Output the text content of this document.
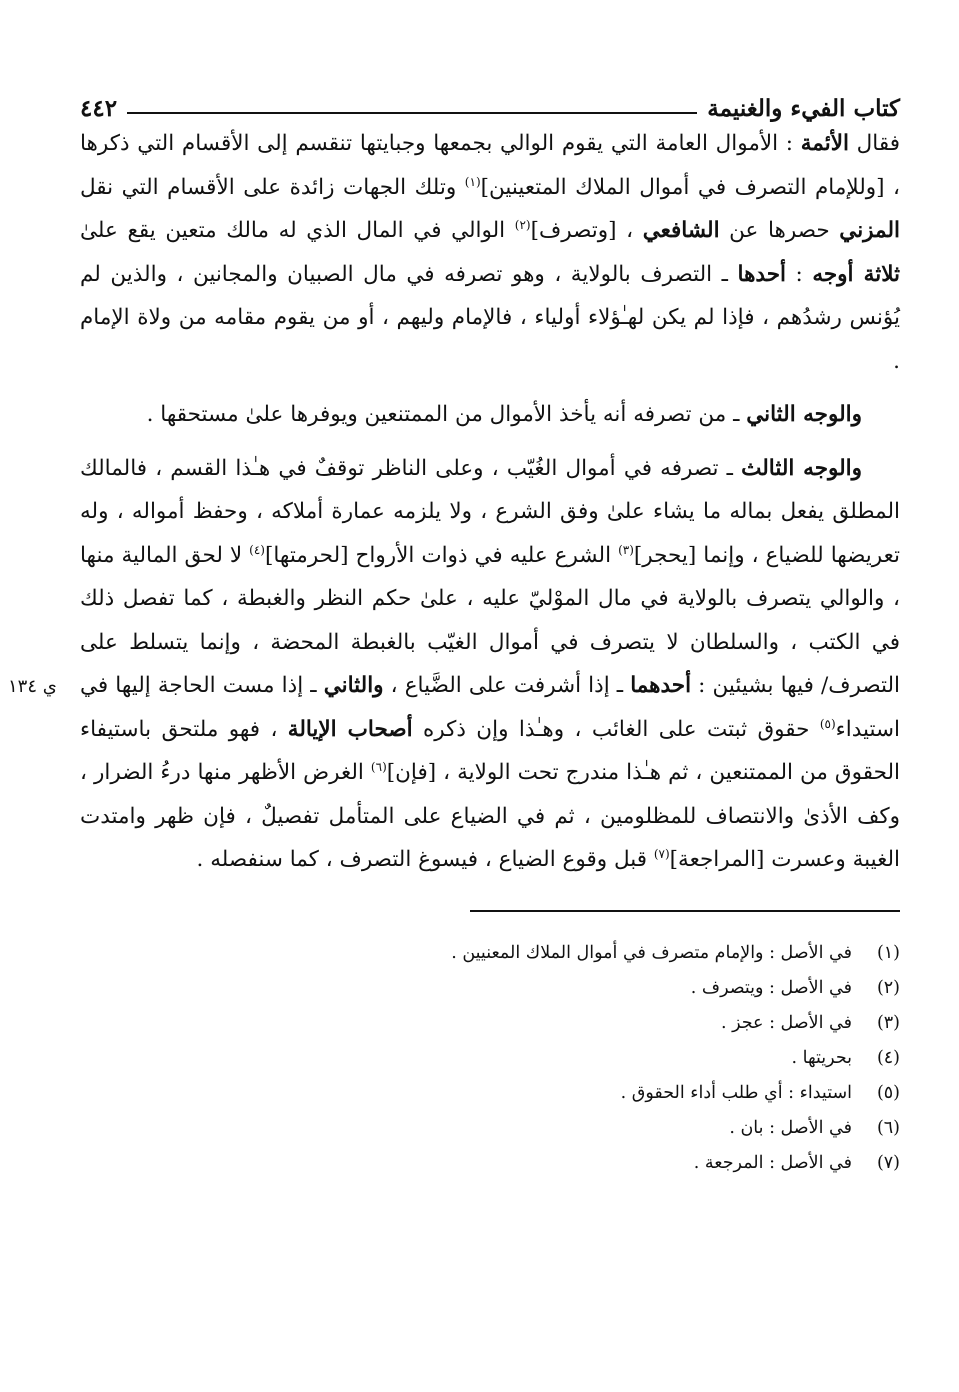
كتاب الفيء والغنيمة
٤٤٢

فقال الأئمة : الأموال العامة التي يقوم الوالي بجمعها وجبايتها تنقسم إلى الأقسام التي ذكرها ، [وللإمام التصرف في أموال الملاك المتعينين]$^{(١)}$ وتلك الجهات زائدة على الأقسام التي نقل المزني حصرها عن الشافعي ، [وتصرف]$^{(٢)}$ الوالي في المال الذي له مالك متعين يقع علىٰ ثلاثة أوجه : أحدها ـ التصرف بالولاية ، وهو تصرفه في مال الصبيان والمجانين ، والذين لم يُؤنس رشدُهم ، فإذا لم يكن لهـٰؤلاء أولياء ، فالإمام وليهم ، أو من يقوم مقامه من ولاة الإمام .

والوجه الثاني ـ من تصرفه أنه يأخذ الأموال من الممتنعين ويوفرها علىٰ مستحقها .

ي ١٣٤
والوجه الثالث ـ تصرفه في أموال الغُيّب ، وعلى الناظر توقفٌ في هـٰذا القسم ، فالمالك المطلق يفعل بماله ما يشاء علىٰ وفق الشرع ، ولا يلزمه عمارة أملاكه ، وحفظ أمواله ، وله تعريضها للضياع ، وإنما [يحجر]$^{(٣)}$ الشرع عليه في ذوات الأرواح [لحرمتها]$^{(٤)}$ لا لحق المالية منها ، والوالي يتصرف بالولاية في مال الموْليّ عليه ، علىٰ حكم النظر والغبطة ، كما تفصل ذلك في الكتب ، والسلطان لا يتصرف في أموال الغيّب بالغبطة المحضة ، وإنما يتسلط على التصرف/ فيها بشيئين : أحدهما ـ إذا أشرفت على الضَّياع ، والثاني ـ إذا مست الحاجة إليها في استيداء$^{(٥)}$ حقوق ثبتت على الغائب ، وهـٰذا وإن ذكره أصحاب الإيالة ، فهو ملتحق باستيفاء الحقوق من الممتنعين ، ثم هـٰذا مندرج تحت الولاية ، [فإن]$^{(٦)}$ الغرض الأظهر منها درءُ الضرار ، وكف الأذىٰ والانتصاف للمظلومين ، ثم في الضياع على المتأمل تفصيلٌ ، فإن ظهر وامتدت الغيبة وعسرت [المراجعة]$^{(٧)}$ قبل وقوع الضياع ، فيسوغ التصرف ، كما سنفصله .

(١)
في الأصل : والإمام متصرف في أموال الملاك المعنيين .
(٢)
في الأصل : ويتصرف .
(٣)
في الأصل : عجز .
(٤)
بحريتها .
(٥)
استيداء : أي طلب أداء الحقوق .
(٦)
في الأصل : بان .
(٧)
في الأصل : المرجعة .
